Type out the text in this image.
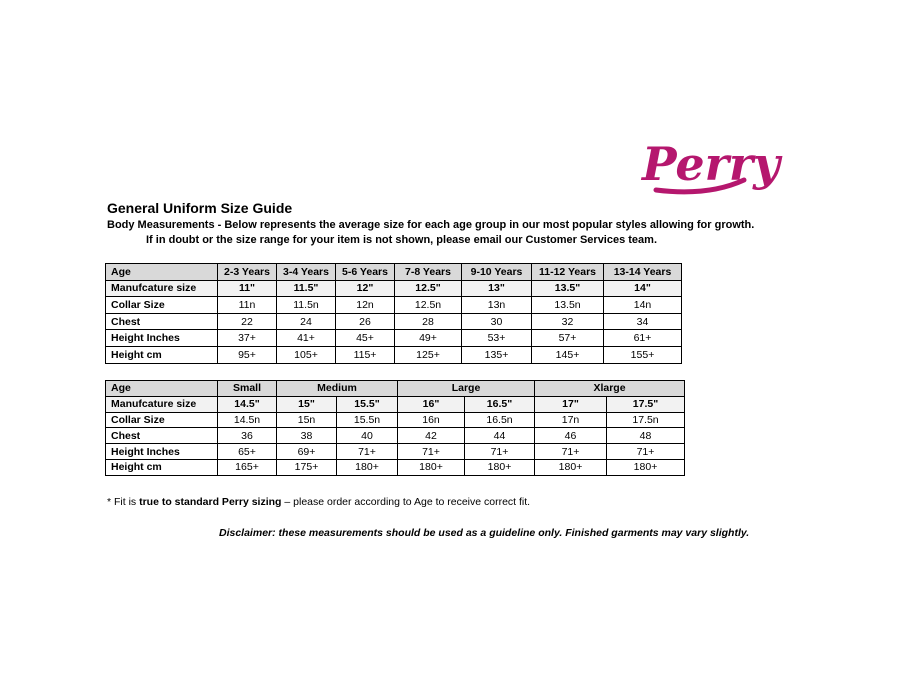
Perry
General Uniform Size Guide
Body Measurements - Below represents the average size for each age group in our most popular styles allowing for growth.
If in doubt or the size range for your item is not shown, please email our Customer Services team.
Age	2-3 Years	3-4 Years	5-6 Years	7-8 Years	9-10 Years	11-12 Years	13-14 Years
Manufcature size	11"	11.5"	12"	12.5"	13"	13.5"	14"
Collar Size	11n	11.5n	12n	12.5n	13n	13.5n	14n
Chest	22	24	26	28	30	32	34
Height Inches	37+	41+	45+	49+	53+	57+	61+
Height cm	95+	105+	115+	125+	135+	145+	155+
Age	Small	Medium		Large		Xlarge	
Manufcature size	14.5"	15"	15.5"	16"	16.5"	17"	17.5"
Collar Size	14.5n	15n	15.5n	16n	16.5n	17n	17.5n
Chest	36	38	40	42	44	46	48
Height Inches	65+	69+	71+	71+	71+	71+	71+
Height cm	165+	175+	180+	180+	180+	180+	180+
* Fit is true to standard Perry sizing – please order according to Age to receive correct fit.
Disclaimer: these measurements should be used as a guideline only. Finished garments may vary slightly.
